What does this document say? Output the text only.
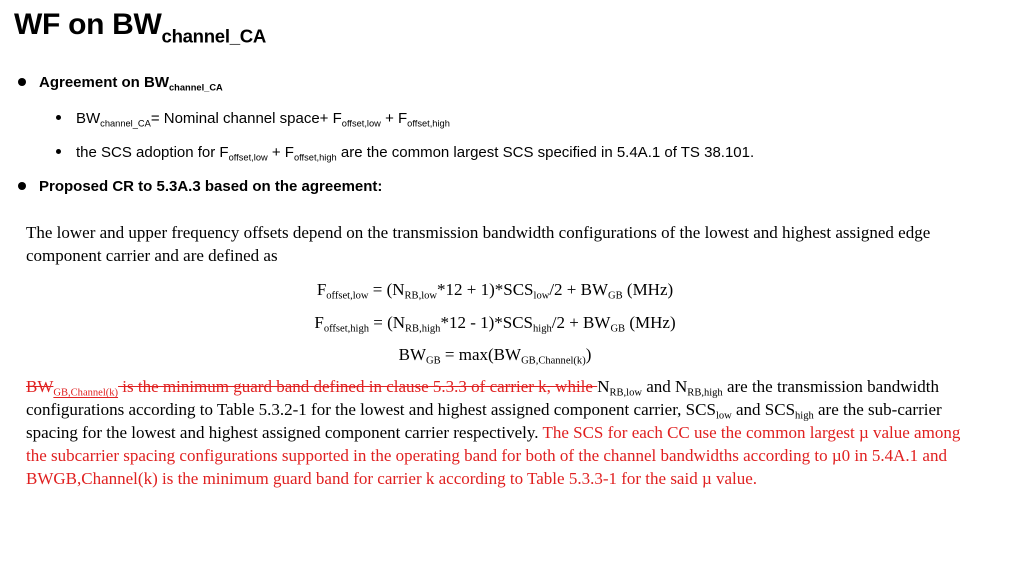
WF on $BW_{channel\_CA}$
Agreement on $BW_{channel\_CA}$
$BW_{channel\_CA}=$ Nominal channel space+ $F_{offset,low} + F_{offset,high}$
the SCS adoption for $F_{offset,low} + F_{offset,high}$ are the common largest SCS specified in 5.4A.1 of TS 38.101.
Proposed CR to 5.3A.3 based on the agreement:
The lower and upper frequency offsets depend on the transmission bandwidth configurations of the lowest and highest assigned edge component carrier and are defined as
$F_{offset,low} = (N_{RB,low}*12 + 1)*SCS_{low}/2 + BW_{GB}$ (MHz)
$F_{offset,high} = (N_{RB,high}*12 - 1)*SCS_{high}/2 + BW_{GB}$ (MHz)
$BW_{GB} = \max(BW_{GB,Channel(k)})$
$BW_{GB,Channel(k)}$ is the minimum guard band defined in clause 5.3.3 of carrier k, while $N_{RB,low}$ and $N_{RB,high}$ are the transmission bandwidth configurations according to Table 5.3.2-1 for the lowest and highest assigned component carrier, $SCS_{low}$ and $SCS_{high}$ are the sub-carrier spacing for the lowest and highest assigned component carrier respectively. The SCS for each CC use the common largest µ value among the subcarrier spacing configurations supported in the operating band for both of the channel bandwidths according to µ0 in 5.4A.1 and BWGB,Channel(k) is the minimum guard band for carrier k according to Table 5.3.3-1 for the said µ value.
